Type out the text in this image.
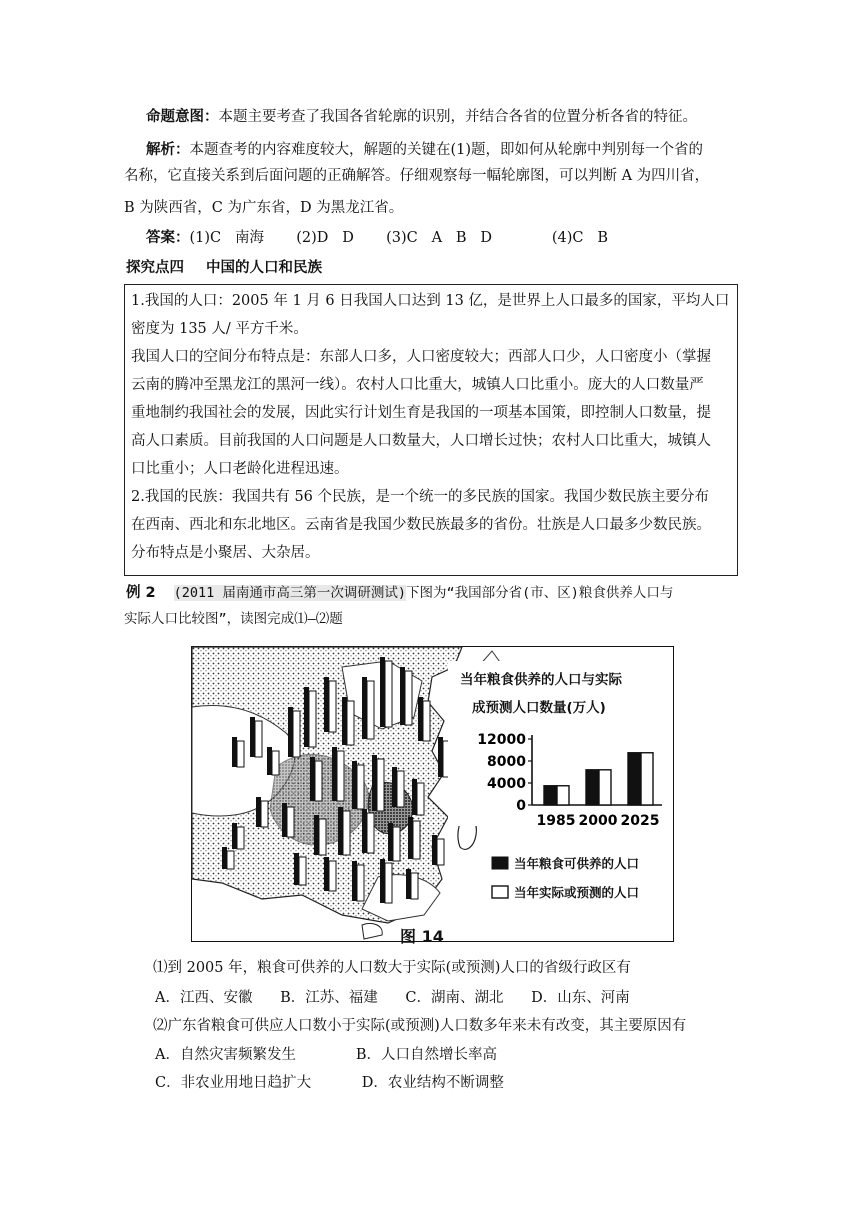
命题意图：本题主要考查了我国各省轮廓的识别，并结合各省的位置分析各省的特征。
解析：本题查考的内容难度较大，解题的关键在(1)题，即如何从轮廓中判别每一个省的
名称，它直接关系到后面问题的正确解答。仔细观察每一幅轮廓图，可以判断 A 为四川省，
B 为陕西省，C 为广东省，D 为黑龙江省。
答案：(1)C   南海       (2)D   D       (3)C   A   B   D             (4)C   B
探究点四 中国的人口和民族
1.我国的人口：2005 年 1 月 6 日我国人口达到 13 亿，是世界上人口最多的国家，平均人口
密度为 135 人/ 平方千米。
我国人口的空间分布特点是：东部人口多，人口密度较大；西部人口少，人口密度小（掌握
云南的腾冲至黑龙江的黑河一线）。农村人口比重大，城镇人口比重小。庞大的人口数量严
重地制约我国社会的发展，因此实行计划生育是我国的一项基本国策，即控制人口数量，提
高人口素质。目前我国的人口问题是人口数量大，人口增长过快；农村人口比重大，城镇人
口比重小；人口老龄化进程迅速。
2.我国的民族：我国共有 56 个民族，是一个统一的多民族的国家。我国少数民族主要分布
在西南、西北和东北地区。云南省是我国少数民族最多的省份。壮族是人口最多少数民族。
分布特点是小聚居、大杂居。
例 2 (2011 届南通市高三第一次调研测试)下图为“我国部分省(市、区)粮食供养人口与
实际人口比较图”，读图完成⑴—⑵题
12000
8000
4000
0
1985 2000 2025
当年粮食供养的人口与实际
成预测人口数量(万人)
当年粮食可供养的人口
当年实际或预测的人口
图 14
⑴到 2005 年，粮食可供养的人口数大于实际(或预测)人口的省级行政区有
A．江西、安徽      B．江苏、福建      C．湖南、湖北      D．山东、河南
⑵广东省粮食可供应人口数小于实际(或预测)人口数多年来未有改变，其主要原因有
A．自然灾害频繁发生             B．人口自然增长率高
C．非农业用地日趋扩大           D．农业结构不断调整
